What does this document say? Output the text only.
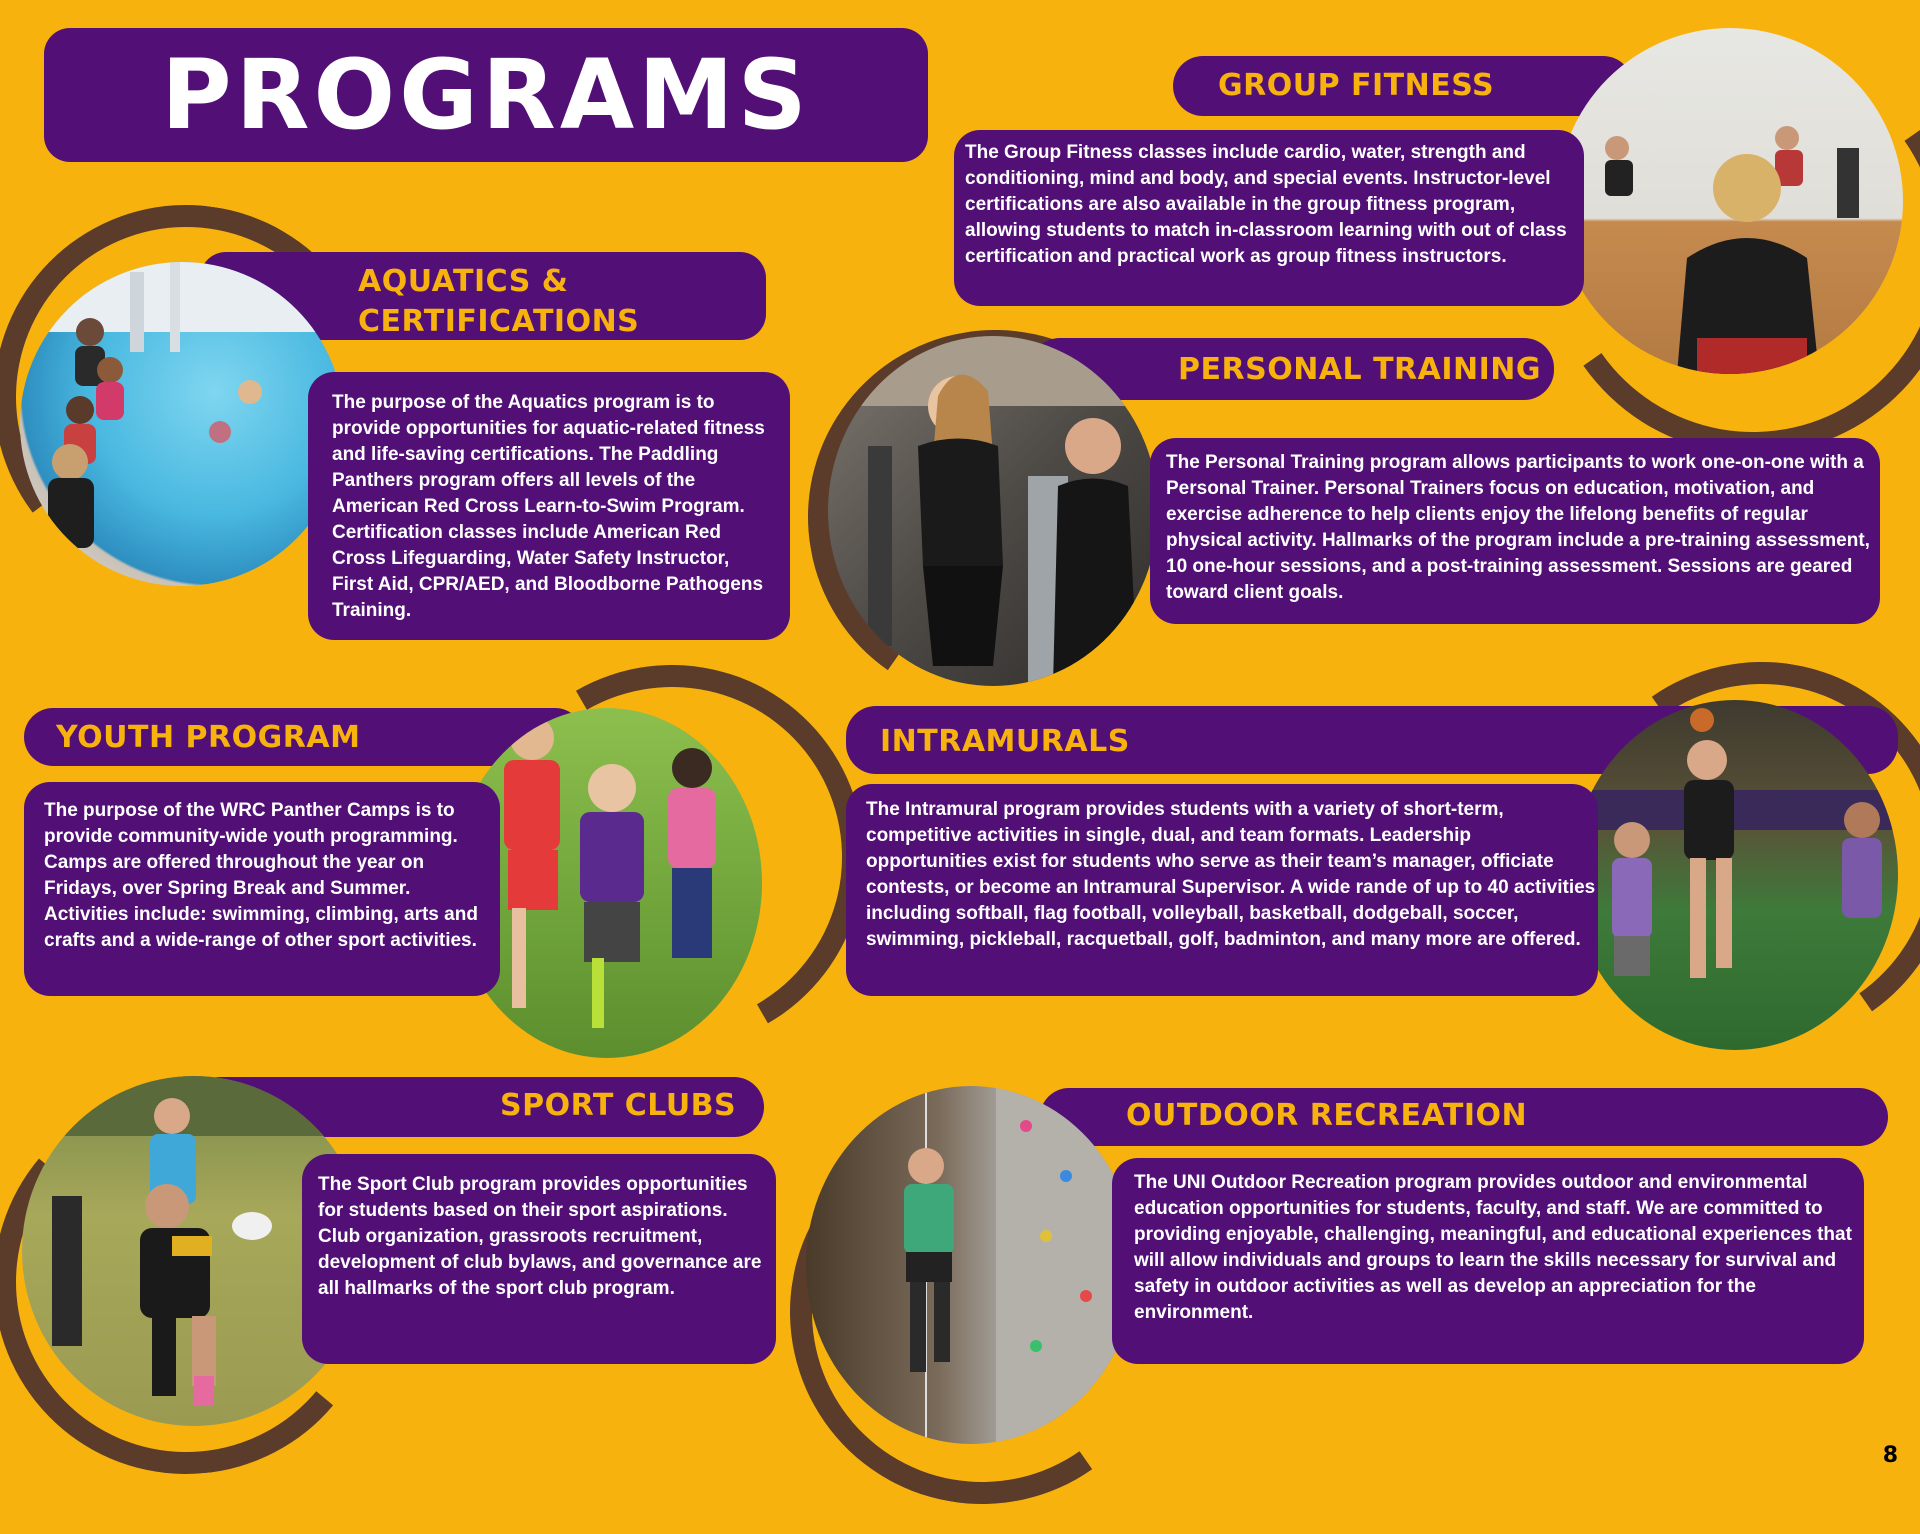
PROGRAMS
AQUATICS &
CERTIFICATIONS
The purpose of the Aquatics program is to provide opportunities for aquatic-related fitness and life-saving certifications. The Paddling Panthers program offers all levels of the American Red Cross Learn-to-Swim Program. Certification classes include American Red Cross Lifeguarding, Water Safety Instructor, First Aid, CPR/AED, and Bloodborne Pathogens Training.
GROUP FITNESS
The Group Fitness classes include cardio, water, strength and conditioning, mind and body, and special events. Instructor-level certifications are also available in the group fitness program, allowing students to match in-classroom learning with out of class certification and practical work as group fitness instructors.
PERSONAL TRAINING
The Personal Training program allows participants to work one-on-one with a Personal Trainer. Personal Trainers focus on education, motivation, and exercise adherence to help clients enjoy the lifelong benefits of regular physical activity. Hallmarks of the program include a pre-training assessment, 10 one-hour sessions, and a post-training assessment. Sessions are geared toward client goals.
YOUTH PROGRAM
The purpose of the WRC Panther Camps is to provide community-wide youth programming. Camps are offered throughout the year on Fridays, over Spring Break and Summer. Activities include: swimming, climbing, arts and crafts and a wide-range of other sport activities.
INTRAMURALS
The Intramural program provides students with a variety of short-term, competitive activities in single, dual, and team formats. Leadership opportunities exist for students who serve as their team’s manager, officiate contests, or become an Intramural Supervisor. A wide rande of up to 40 activities including softball, flag football, volleyball, basketball, dodgeball, soccer, swimming, pickleball, racquetball, golf, badminton, and many more are offered.
SPORT CLUBS
The Sport Club program provides opportunities for students based on their sport aspirations. Club organization, grassroots recruitment, development of club bylaws, and governance are all hallmarks of the sport club program.
OUTDOOR RECREATION
The UNI Outdoor Recreation program provides outdoor and environmental education opportunities for students, faculty, and staff. We are committed to providing enjoyable, challenging, meaningful, and educational experiences that will allow individuals and groups to learn the skills necessary for survival and safety in outdoor activities as well as develop an appreciation for the environment.
8
